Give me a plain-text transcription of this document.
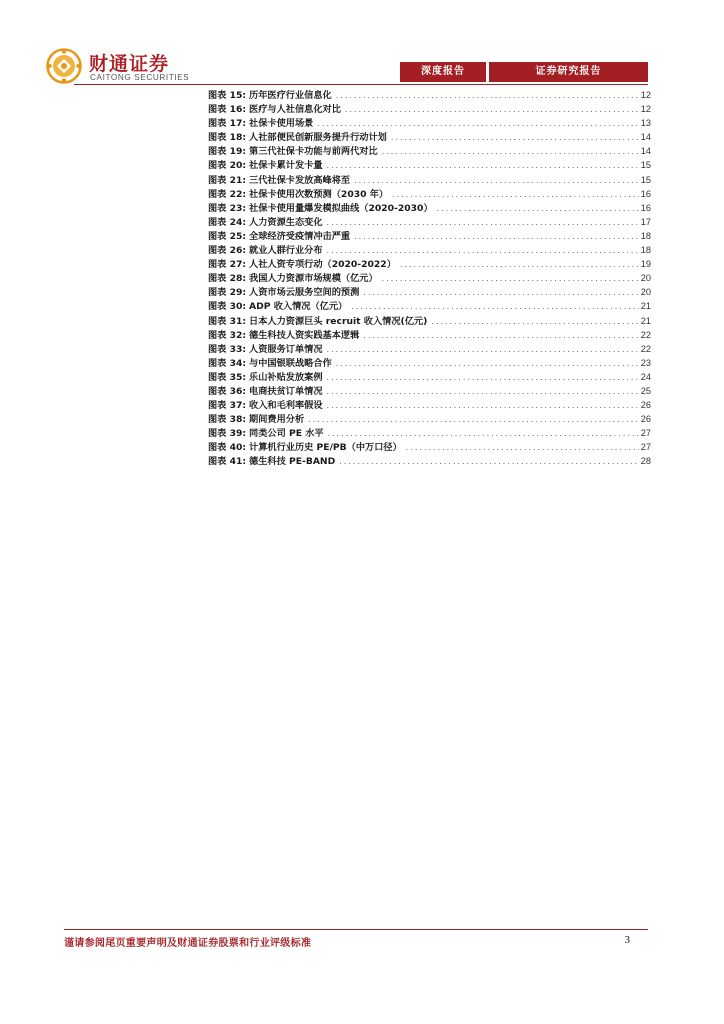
财通证券
CAITONG SECURITIES
深度报告	证券研究报告
图表 15 : 历年医疗行业信息化 .....	12
图表 16 : 医疗与人社信息化对比 .....	12
图表 17 : 社保卡使用场景 .....	13
图表 18 : 人社部便民创新服务提升行动计划 .....	14
图表 19 : 第三代社保卡功能与前两代对比 .....	14
图表 20 : 社保卡累计发卡量 .....	15
图表 21 : 三代社保卡发放高峰将至 .....	15
图表 22 : 社保卡使用次数预测（2030 年） .....	16
图表 23 : 社保卡使用量爆发模拟曲线（2020-2030） .....	16
图表 24 : 人力资源生态变化 .....	17
图表 25 : 全球经济受疫情冲击严重 .....	18
图表 26 : 就业人群行业分布 .....	18
图表 27 : 人社人资专项行动（2020-2022） .....	19
图表 28 : 我国人力资源市场规模（亿元） .....	20
图表 29 : 人资市场云服务空间的预测 .....	20
图表 30 : ADP 收入情况（亿元） .....	21
图表 31 : 日本人力资源巨头 recruit 收入情况(亿元) .....	21
图表 32 : 德生科技人资实践基本逻辑 .....	22
图表 33 : 人资服务订单情况 .....	22
图表 34 : 与中国银联战略合作 .....	23
图表 35 : 乐山补贴发放案例 .....	24
图表 36 : 电商扶贫订单情况 .....	25
图表 37 : 收入和毛利率假设 .....	26
图表 38 : 期间费用分析 .....	26
图表 39 : 同类公司 PE 水平 .....	27
图表 40 : 计算机行业历史 PE/PB（中万口径） .....	27
图表 41 : 德生科技 PE-BAND .....	28
谨请参阅尾页重要声明及财通证券股票和行业评级标准	3
